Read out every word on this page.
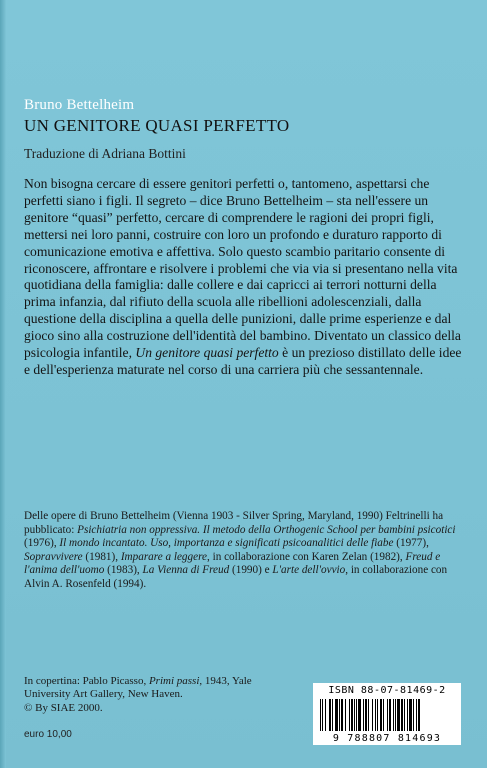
Bruno Bettelheim
UN GENITORE QUASI PERFETTO
Traduzione di Adriana Bottini
Non bisogna cercare di essere genitori perfetti o, tantomeno, aspettarsi che perfetti siano i figli. Il segreto – dice Bruno Bettelheim – sta nell'essere un genitore “quasi” perfetto, cercare di comprendere le ragioni dei propri figli, mettersi nei loro panni, costruire con loro un profondo e duraturo rapporto di comunicazione emotiva e affettiva. Solo questo scambio paritario consente di riconoscere, affrontare e risolvere i problemi che via via si presentano nella vita quotidiana della famiglia: dalle collere e dai capricci ai terrori notturni della prima infanzia, dal rifiuto della scuola alle ribellioni adolescenziali, dalla questione della disciplina a quella delle punizioni, dalle prime esperienze e dal gioco sino alla costruzione dell'identità del bambino. Diventato un classico della psicologia infantile, Un genitore quasi perfetto è un prezioso distillato delle idee e dell'esperienza maturate nel corso di una carriera più che sessantennale.
Delle opere di Bruno Bettelheim (Vienna 1903 - Silver Spring, Maryland, 1990) Feltrinelli ha pubblicato: Psichiatria non oppressiva. Il metodo della Orthogenic School per bambini psicotici (1976), Il mondo incantato. Uso, importanza e significati psicoanalitici delle fiabe (1977), Sopravvivere (1981), Imparare a leggere, in collaborazione con Karen Zelan (1982), Freud e l'anima dell'uomo (1983), La Vienna di Freud (1990) e L'arte dell'ovvio, in collaborazione con Alvin A. Rosenfeld (1994).
In copertina: Pablo Picasso, Primi passi, 1943, Yale University Art Gallery, New Haven.
© By SIAE 2000.
euro 10,00
ISBN 88-07-81469-2
9 788807 814693
